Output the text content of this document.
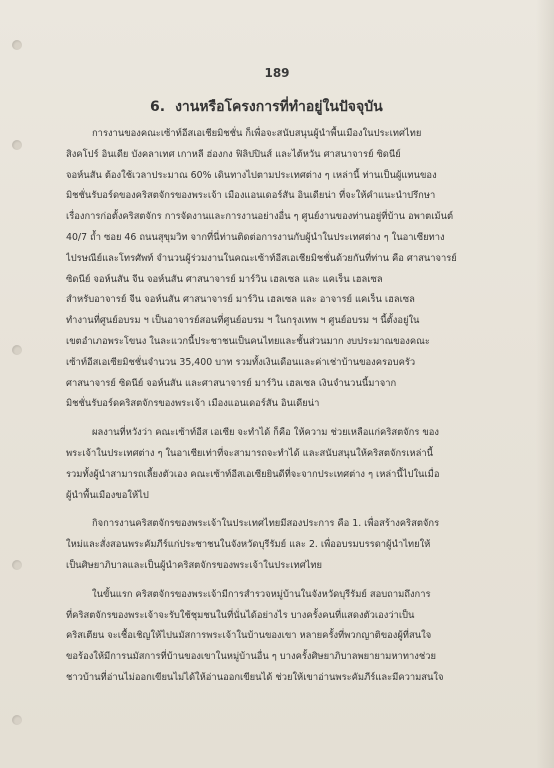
189
6. งานหรือโครงการที่ทำอยู่ในปัจจุบัน
การงานของคณะเซ้าท์อีสเอเชียมิชชั่น ก็เพื่อจะสนับสนุนผู้นำพื้นเมืองในประเทศไทย
สิงคโปร์ อินเดีย บังคลาเทศ เกาหลี ฮ่องกง ฟิลิปปินส์ และไต้หวัน ศาสนาจารย์ ซิดนีย์
จอห์นสัน ต้องใช้เวลาประมาณ 60% เดินทางไปตามประเทศต่าง ๆ เหล่านี้ ท่านเป็นผู้แทนของ
มิชชั่นรับอร์ดของคริสตจักรของพระเจ้า เมืองแอนเดอร์สัน อินเดียน่า ที่จะให้คำแนะนำปรึกษา
เรื่องการก่อตั้งคริสตจักร การจัดงานและการงานอย่างอื่น ๆ ศูนย์งานของท่านอยู่ที่บ้าน อพาตเม้นต์
40/7 ถ้ำ ซอย 46 ถนนสุขุมวิท จากที่นี่ท่านติดต่อการงานกับผู้นำในประเทศต่าง ๆ ในอาเซียทาง
ไปรษณีย์และโทรศัพท์ จำนวนผู้ร่วมงานในคณะเซ้าท์อีสเอเชียมิชชั่นด้วยกันที่ท่าน คือ ศาสนาจารย์
ซิดนีย์ จอห์นสัน จีน จอห์นสัน ศาสนาจารย์ มาร์วิน เฮลเซล และ แคเร็น เฮลเซล
สำหรับอาจารย์ จีน จอห์นสัน ศาสนาจารย์ มาร์วิน เฮลเซล และ อาจารย์ แคเร็น เฮลเซล
ทำงานที่ศูนย์อบรม ฯ เป็นอาจารย์สอนที่ศูนย์อบรม ฯ ในกรุงเทพ ฯ ศูนย์อบรม ฯ นี้ตั้งอยู่ใน
เขตอำเภอพระโขนง ในละแวกนี้ประชาชนเป็นคนไทยและชั้นส่วนมาก งบประมาณของคณะ
เซ้าท์อีสเอเซียมิชชั่นจำนวน 35,400 บาท รวมทั้งเงินเดือนและค่าเช่าบ้านของครอบครัว
ศาสนาจารย์ ซิดนีย์ จอห์นสัน และศาสนาจารย์ มาร์วิน เฮลเซล เงินจำนวนนี้มาจาก
มิชชั่นรับอร์ดคริสตจักรของพระเจ้า เมืองแอนเดอร์สัน อินเดียน่า
ผลงานที่หวังว่า คณะเซ้าท์อีส เอเซีย จะทำได้ ก็คือ ให้ความ ช่วยเหลือแก่คริสตจักร ของ
พระเจ้าในประเทศต่าง ๆ ในอาเซียเท่าที่จะสามารถจะทำได้ และสนับสนุนให้คริสตจักรเหล่านี้
รวมทั้งผู้นำสามารถเลี้ยงตัวเอง คณะเซ้าท์อีสเอเซียยินดีที่จะจากประเทศต่าง ๆ เหล่านี้ไปในเมื่อ
ผู้นำพื้นเมืองขอให้ไป
กิจการงานคริสตจักรของพระเจ้าในประเทศไทยมีสองประการ คือ 1. เพื่อสร้างคริสตจักร
ใหม่และสั่งสอนพระคัมภีร์แก่ประชาชนในจังหวัดบุรีรัมย์ และ 2. เพื่ออบรมบรรดาผู้นำไทยให้
เป็นศิษยาภิบาลและเป็นผู้นำคริสตจักรของพระเจ้าในประเทศไทย
ในขั้นแรก คริสตจักรของพระเจ้ามีการสำรวจหมู่บ้านในจังหวัดบุรีรัมย์ สอบถามถึงการ
ที่คริสตจักรของพระเจ้าจะรับใช้ชุมชนในที่นั่นได้อย่างไร บางครั้งคนที่แสดงตัวเองว่าเป็น
คริสเตียน จะเชื้อเชิญให้ไปนมัสการพระเจ้าในบ้านของเขา หลายครั้งที่พวกญาติของผู้ที่สนใจ
ขอร้องให้มีการนมัสการที่บ้านของเขาในหมู่บ้านอื่น ๆ บางครั้งศิษยาภิบาลพยายามหาทางช่วย
ชาวบ้านที่อ่านไม่ออกเขียนไม่ได้ให้อ่านออกเขียนได้ ช่วยให้เขาอ่านพระคัมภีร์และมีความสนใจ
